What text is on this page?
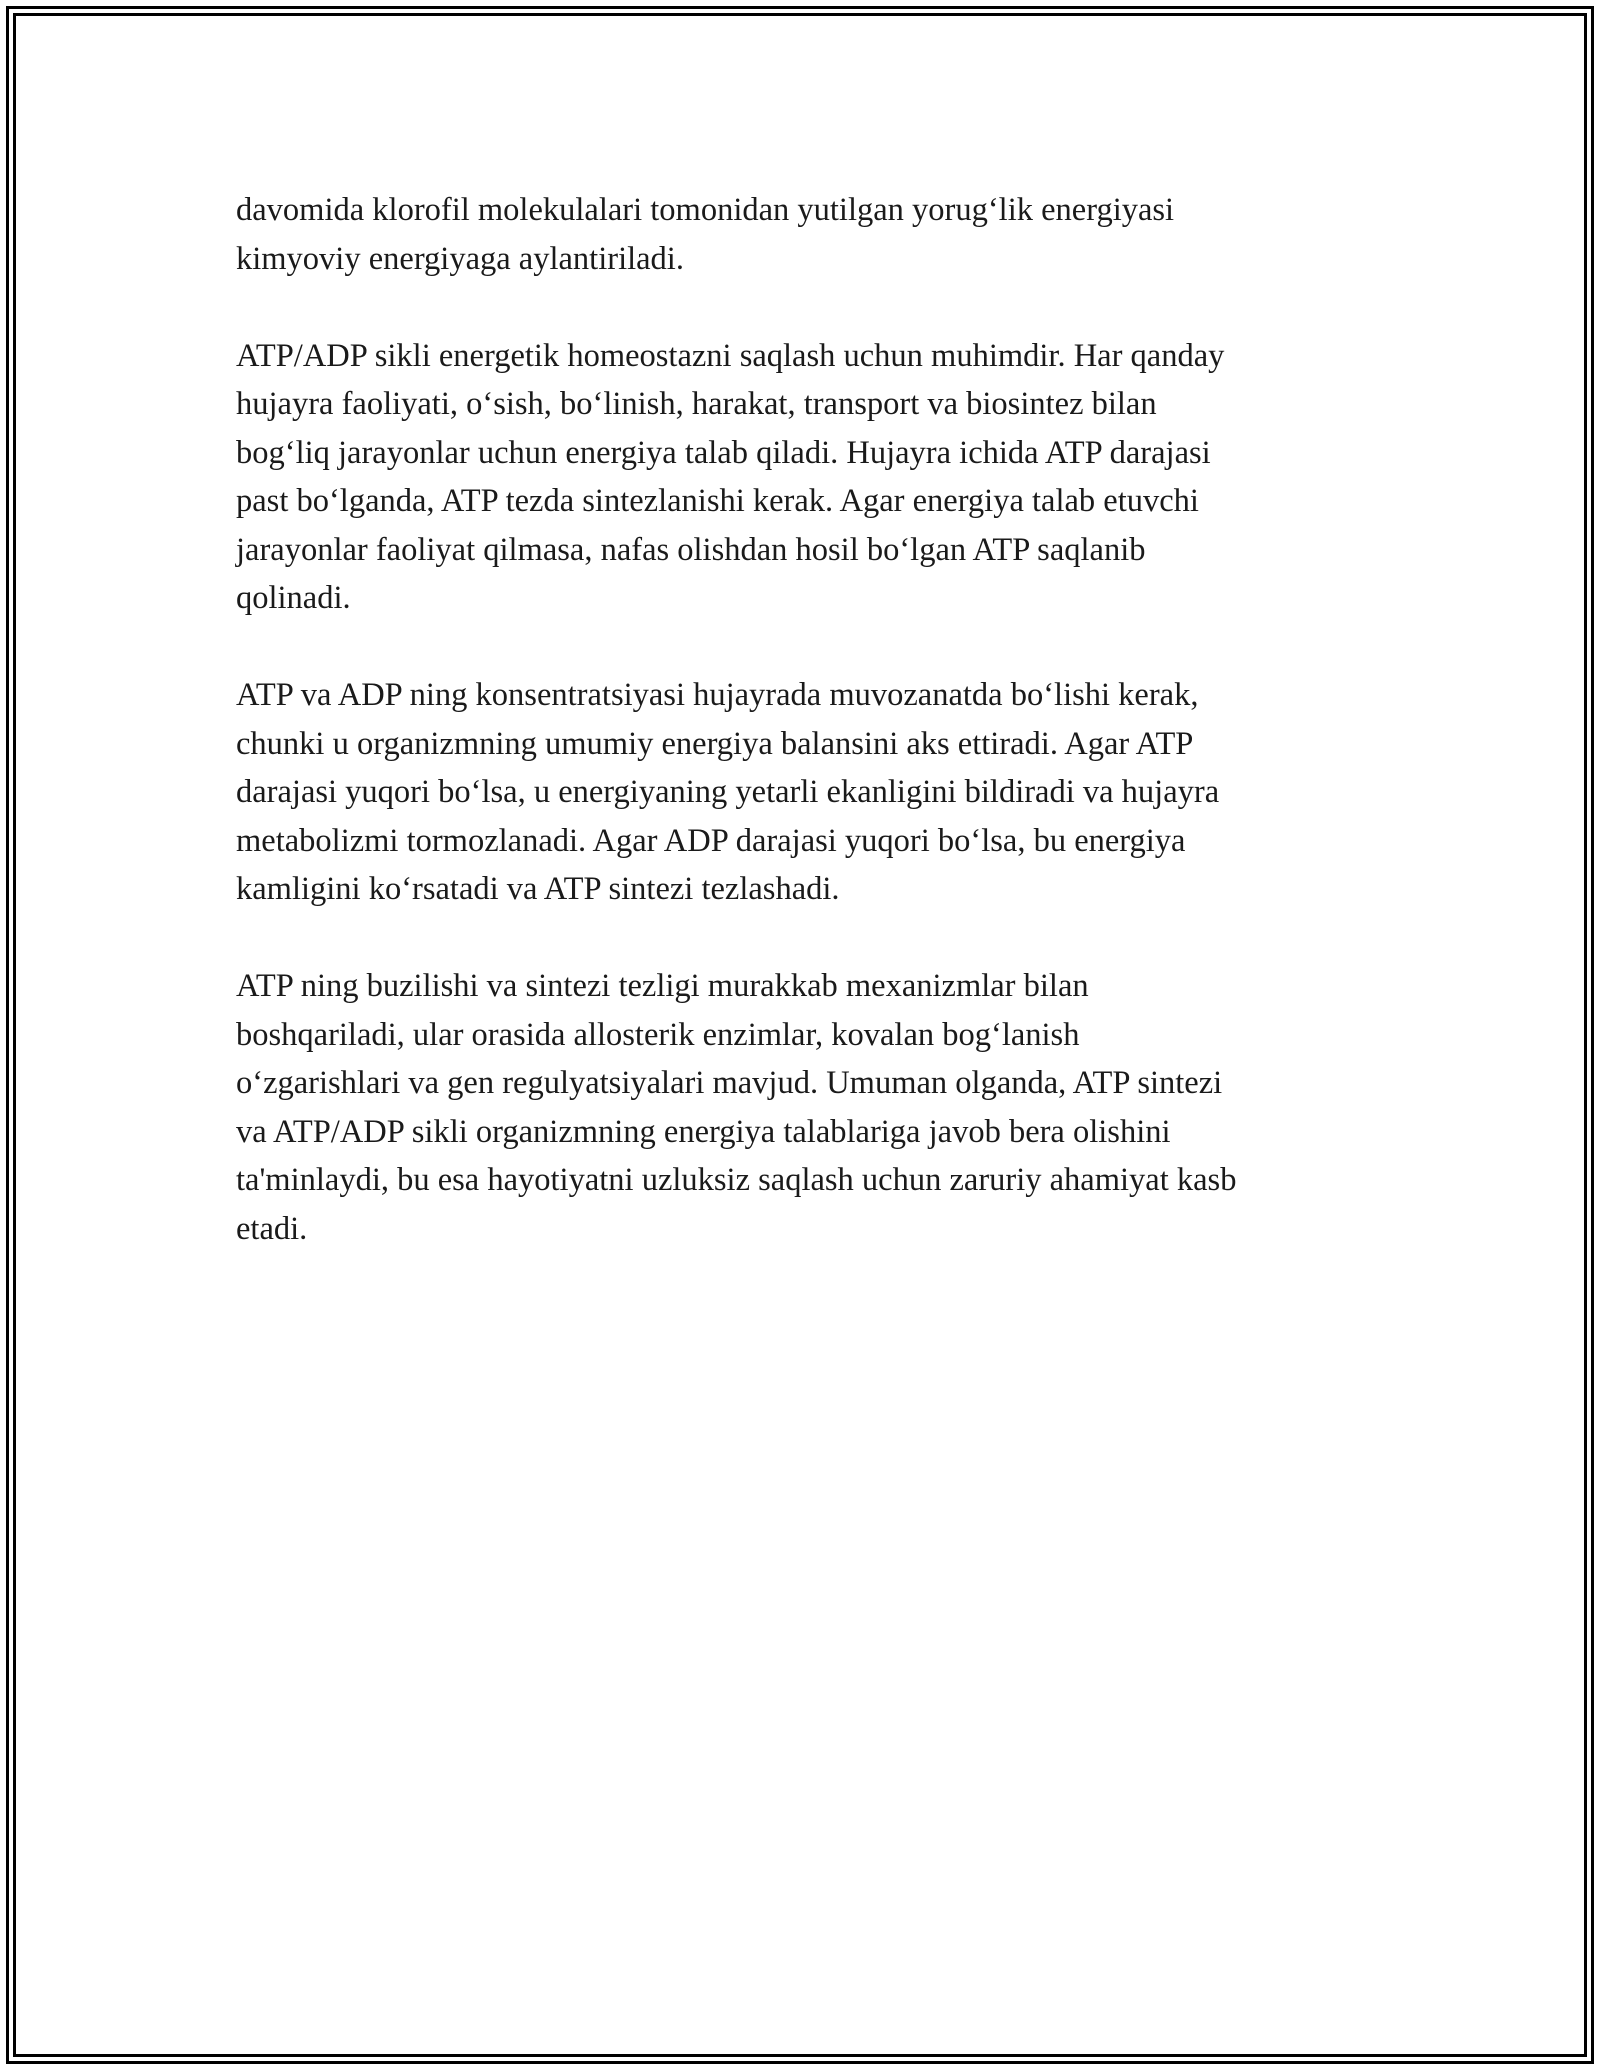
davomida klorofil molekulalari tomonidan yutilgan yorug‘lik energiyasi
kimyoviy energiyaga aylantiriladi.

ATP/ADP sikli energetik homeostazni saqlash uchun muhimdir. Har qanday
hujayra faoliyati, o‘sish, bo‘linish, harakat, transport va biosintez bilan
bog‘liq jarayonlar uchun energiya talab qiladi. Hujayra ichida ATP darajasi
past bo‘lganda, ATP tezda sintezlanishi kerak. Agar energiya talab etuvchi
jarayonlar faoliyat qilmasa, nafas olishdan hosil bo‘lgan ATP saqlanib
qolinadi.

ATP va ADP ning konsentratsiyasi hujayrada muvozanatda bo‘lishi kerak,
chunki u organizmning umumiy energiya balansini aks ettiradi. Agar ATP
darajasi yuqori bo‘lsa, u energiyaning yetarli ekanligini bildiradi va hujayra
metabolizmi tormozlanadi. Agar ADP darajasi yuqori bo‘lsa, bu energiya
kamligini ko‘rsatadi va ATP sintezi tezlashadi.

ATP ning buzilishi va sintezi tezligi murakkab mexanizmlar bilan
boshqariladi, ular orasida allosterik enzimlar, kovalan bog‘lanish
o‘zgarishlari va gen regulyatsiyalari mavjud. Umuman olganda, ATP sintezi
va ATP/ADP sikli organizmning energiya talablariga javob bera olishini
ta'minlaydi, bu esa hayotiyatni uzluksiz saqlash uchun zaruriy ahamiyat kasb
etadi.
